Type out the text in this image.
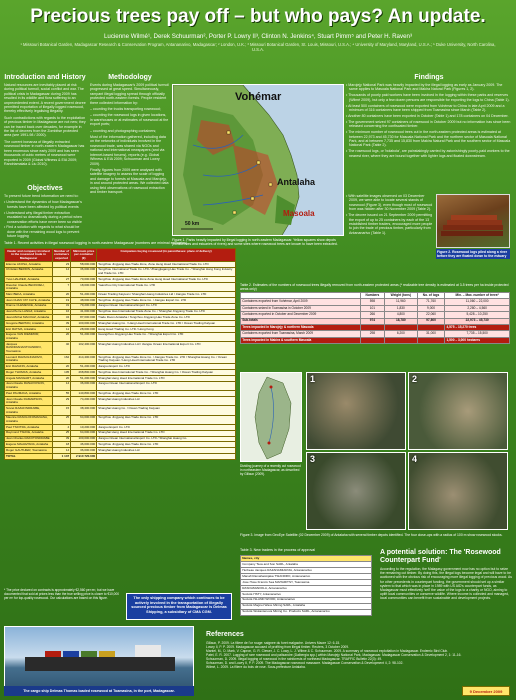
Precious trees pay off – but who pays? An update.
Lucienne Wilmé¹, Derek Schuurman², Porter P. Lowry II³, Clinton N. Jenkins⁴, Stuart Pimm⁵ and Peter H. Raven³
¹ Missouri Botanical Garden, Madagascar Research & Conservation Program, Antananarivo, Madagascar; ² London, U.K.; ³ Missouri Botanical Garden, St. Louis, Missouri, U.S.A.; ⁴ University of Maryland, Maryland, U.S.A.; ⁵ Duke University, North Carolina, U.S.A.
Introduction and History

Natural resources are inevitably placed at risk during political turmoil, social conflict and war. The political crisis in Madagascar during 2009 has resulted in its wildlife and flora suffering to an unprecedented extent. A recent government decree permitted exportation of illegally logged rosewood, thereby effectively legalising illegality.

Such contradictions with regards to the exploitation of precious timber in Madagascar are not new; they can be traced back over decades, for example in the list of decrees from the Zombitse protected area (see 1991-98 / 2000).

The current bonanza of illegally extracted rosewood timber in north-eastern Madagascar has been enormous since early 2009 and has seen thousands of cubic metres of rosewood were exported in 2009 (Global Witness & EIA 2009; Randriamalala & Liu 2010).

Objectives

To present future trend information we need to:

• Understand the dynamics of how Madagascar's forests have been affected by political events
• Understand why illegal timber extraction escalated so dramatically during a period when conservation efforts have never been so visible
• Find a solution with regards to what should be done with the remaining wood logs to prevent future logging
Methodology

Events during Madagascar's 2009 political turmoil progressed at great speed. Simultaneously, rampant illegal logging spread through officially protected north-eastern forests. People resident there collected information by:

– counting the trucks transporting rosewood;

– counting the rosewood logs in given locations, in warehouses or at estimates of rosewood at the export ports;

– counting and photographing containers;

Most of the information gathered, including data on the networks of individuals involved in the rosewood trade, was shared via NGOs and national and international newspapers (and via Internet-based forums), reports (e.g. Global Witness & EIA 2009; Schuurman and Lowry 2009).

Finally, figures from 2009 were analysed with satellite imagery to assess the scale of logging and damage to forests at Masoala and Marojejy, in and around protected areas. We collected data using field observations of rosewood extraction and timber transport.

Vohémar
Antalaha
Masoala
50 km
Figure 1. Parks heavily impacted by illegal logging in north-eastern Madagascar. Yellow squares show depots (confluences and estuaries of rivers) and some sites where rosewood trees are known to have been extracted.
Findings
• Marojejy National Park was heavily impacted by the illegal logging as early as January 2009. The same applies to Masoala National Park and Makira Natural Park (Figures 1, 2).
• Thousands of poorly paid workers have been involved in the logging within these parks and reserves (Wilmé 2009), but only a few dozen persons are responsible for exporting the logs to China (Table 1).
• At least 500 containers of rosewood were exported from Vohémar to China in late April 2009 and a minimum of 316 containers have been shipped from Toamasina since March (Table 2).
• Another 80 containers have been exported in October (Table 1) and 178 containers on 04 December.
• The government seized 97 containers of rosewood in October 2009 but no information has since been released concerning the confiscated timber.
• The minimum number of rosewood trees cut in the north-eastern protected areas is estimated at between 22,973 and 45,730 for Masoala National Park and the northern sector of Masoala National Park, and at between 7,735 and 15,830 from Makira Natural Park and the southern sector of Masoala National Park (Table 2).
• The rosewood logs, or 'bolabola', are painstakingly carried by astonishingly poorly-paid workers to the nearest river, where they are bound together with lighter logs and floated downstream.
• With satellite images observed on 03 December 2009, we were able to locate several stands of rosewood (Figure 3), even though most of rosewood from was hidden after 30 November 2009 (Table 2).
• The decree issued on 21 September 2009 permitting the export of up to 25 containers by each of the 13 established timber traders, encouraged more people to join the trade of precious timber, particularly from Antananarivo (Table 1).
Figure 2. Rosewood logs piled along a river before they are floated down to the estuary
Table 1. Recent activities in illegal rosewood logging in north-eastern Madagascar (numbers are minimal estimates).
Dealer and company involved in the rosewood trade in Madagascar	Number of containers exported	Minimum price per container (€)	Companies buying rosewood (in parentheses: place of delivery)
Etienne AKOSA, Antalaha	23	58,000.000	Tengzhou Jingyang Hao Trade Zone, Zone Heng Hoed International Trade Co. LTD
Christian BERDIN, Antalaha	14	36,000.000	Tengzhou International Trade Co. LTD / Zhangjiagang Hao Trade Co. / Shanghai Hong Kong Industry and Trade Co. LTD
Yves HALWER, Antalaha	27	70,000.000	Tengzhou Jingyang Hao Trade Zone Zone Heng Hoed International Trade Co. LTD
Dieudon Claude BECKDIEU, Antalaha	7	18,000.000	Yaanzhou City International Trade Co. LTD
Marc BEKA, Antalaha	20	51,200.000	Ocean Trading Kaiyuan / Shanghai Huang Industries Ltd / Jiangsu Trade Co. LTD
Jean CHAN YAT CAYE, Antalaha	19	48,000.000	Tengzhou Jingyang Hao Trade Zone Co. / Jiangsu Export Co. LTD
Dianne CLEMENCE, Antalaha	31	79,200.000	Jiangsu Ocean International Export Co. LTD
Jean-Pierre LANGZ, Antalaha	16	41,000.000	Tengzhou Hao International Trade Zone Co. / Shanghai Jingyang Trade Co. LTD
Jean-Michel MACOAZ, Antalaha	34	87,000.000	Trade Room Antalaha / Tengzhou Jingyang Hao Trade Zone Co. LTD
Gregoire BERTAN, Antalaha	39	100,000.000	Shanghai Huang Co. / Hang Hoed International Trade Co. LTD / Ocean Trading Kaiyuan
Eric RATIVA, Antalaha	11	28,000.000	Heng Hoed Trading Co. LTD / Hong Kong
Eugene VAN DIEMMOR, Antalaha	20	51,200.000	Guangzhou Jingyang Hao Trade Co. / Shanghai Export Co. LTD
Jacques RANDRIANANTOANDRO, Toamasina	40	102,400.000	Shanghai Huang Industries Ltd / Jiangsu Ocean International Export Co. LTD
Leonard RAVAOLINARIVO, Antalaha	162	414,400.000	Tengzhou Jingyang Hao Trade Zone Co. / Jiangsu Trade Co. LTD / Shanghai Huang Co. / Ocean Trading Kaiyuan / Heng Hoed International Trade Co. LTD
Eric RAZAFIN, Antalaha	20	51,200.000	Jiangsu Export Co. LTD
Roger THOMAS, Antalaha	105	268,800.000	Tengzhou Hao International Trade Co. / Shanghai Huang Co. / Ocean Trading Kaiyuan
Angela MANGART, Antalaha	20	51,200.000	Shanghai Heng Hoed International Trade Co. LTD
Jean-Claude RANAIVOSON, Antalaha	14	36,000.000	Jiangsu Ocean International Export Co. LTD
Paul PAUMANA, Antalaha	55	140,800.000	Tengzhou Jingyang Hao Trade Zone Co. LTD
Jean Claude RAMARISON, Antalaha	29	74,200.000	Shanghai Huang Industries Ltd
Soviet RAZAFINDRAIBE, Antalaha	15	38,400.000	Shanghai Huang Co. / Ocean Trading Kaiyuan
Maurice RASOLOFOMANANA, Antalaha	25	64,000.000	Tengzhou Jingyang Hao Trade Zone Co. LTD
Paul TSIOTRA, Antalaha	4	10,200.000	Jiangsu Export Co. LTD
Raymond TSIAVE, Antalaha	25	64,000.000	Shanghai Heng Hoed International Trade Co. LTD
Jean Charles RAKOTONDRABE	39	100,000.000	Jiangsu Ocean International Export Co. LTD / Shanghai Huang Co.
Eugene MAHAVISOA, Antalaha	18	46,000.000	Tengzhou Jingyang Hao Trade Zone Co. LTD
Roger GAUTHIER, Toamasina	14	36,000.000	Shanghai Huang Industries Ltd
TOTAL	1 137	2 910 720.000	
* The price declared on contracts is approximately €2,560 per m³, but we have documented that sold at prices less than the true selling price is closer to €10,000 per m³ for top-quality rosewood. Our calculations are based on this figure.	The only shipping company which continues to be actively involved in the transportation of illegally sourced precious timber from Madagascar is Delmas Shipping, a subsidiary of CMA CGM.
Table 2. Estimates of the numbers of rosewood trees illegally removed from north-eastern protected areas (* realizable tree density is estimated at 3-5 trees per ha inside protected areas only)
	Numbers	Weight (tons)	No. of logs	Min. – Max. number of trees*
Containers exported from Vohémar, April 2009	598	11,960	71,760	11,060 – 22,000
Containers seized in Toamasina in October 2009	101	1,830	9,000	2,280 – 4,560
Containers exported in October and December 2009	266	4,800	22,060	5,428 – 10,250
Sub-totals	974	18,780	97,800	22,973 – 45,730
Trees impacted in Marojejy & northern Masoala				4,575 – 15,270 trees
Containers exported from Toamasina, March 2009	298	6,200	31,000	7,735 – 15,500
Trees impacted in Makira & southern Masoala				1,500 – 3,000 hectares
Dividing journey of a recently cut rosewood in northeastern Madagascar, as described by Gillaux (2009).
1	2
3	4
Figure 3. Image from GeoEye Satellite (02 December 2009) of Antalaha with several timber depots identified. The four close-ups with a radius of 100 m show rosewood stocks.
Table 3. New traders in the process of approval
Names, city
Company Tsoa and Son SARL, Antalaha
Herbeau Jacques RAZANAMIARIJA, Antananarivo
Manafi Ramahasinjaka TSIANDRO, Antananarivo
Jose Hose Francis Sea MAHARITSY, Toamasina
RASOAMIADOLA, Antananarivo
Société HSTY, Antananarivo
Société ISLAND WOOD, Antananarivo
Société Magnet Wave Mining SARL, Antalaha
Société Wokantenova Mining Co. Products SARL, Antananarivo
A potential solution: The 'Rosewood Counterpart Fund'
According to the regulation, the Malagasy government now has no option but to seize the remaining cut timber. By doing this, the illegal logs become legal and will have to be auctioned with the obvious risk of encouraging more illegal logging of precious wood. As for other precedents in counterpart funding, the government should set up a similar system to that which was in place in 1989 with US AID's counterpart funds, as Madagascar must effectively 'sell' the value of the logs to a charity or NGO, aiming to uplift local communities or conserve wildlife. Where income is collected and managed, local communities can benefit from sustainable and development projects.
The cargo ship Delmas Thomas loaded rosewood at Toamasina, in the port, Madagascar.
References
Gillaux, P. 2009. La filiere de l'or rouge: saignee du foret malgache. Univers Maore 12: 6-15.
Lowry II, P. P. 2009. Madagascar accused of profiting from illegal timber. Reuters, 3 October 2009.
Mantel, M., D. Mark, V. Capron, G. R. Clewer, J. C. Lowy, L. J. Wilme & C. Schuurman. 2009. A summary of rosewood exploitation in Madagascar. Endemic Bird Club.
Patel, E. R. 2007. Logging of rare rosewood and palisandre (Dalbergia spp.) within Marojejy National Park, Madagascar. Madagascar Conservation & Development 2, 1: 11-16.
Schuurman, D. 2009. Illegal logging of rosewood in the rainforests of northeast Madagascar. TRAFFIC Bulletin 22(3): 49.
Schuurman, D. and Lowry II, P. P. 2009. The Madagascar rosewood massacre. Madagascar Conservation & Development 4, 2: 98-102.
Wilmé, L. 2009. La filiere du bois de rose. Sous-préfecture Antalaha.
9 December 2009
